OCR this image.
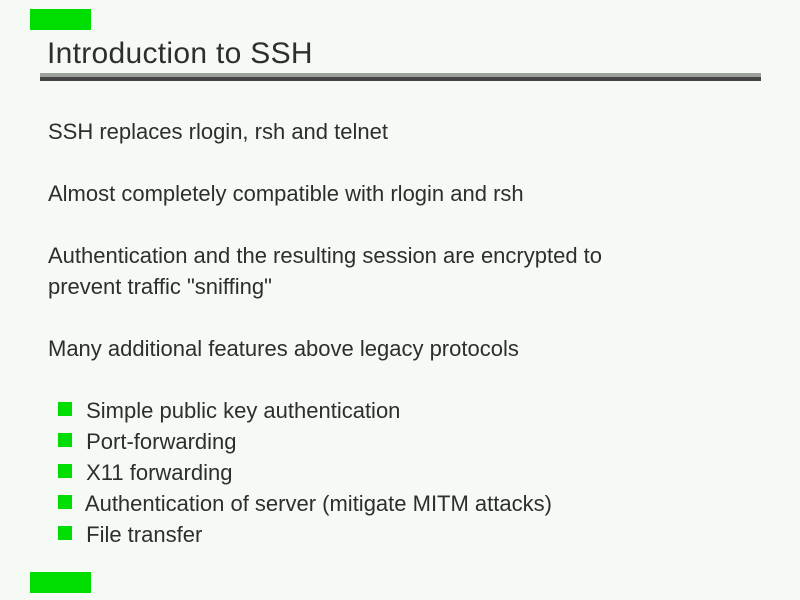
Introduction to SSH

SSH replaces rlogin, rsh and telnet

Almost completely compatible with rlogin and rsh

Authentication and the resulting session are encrypted to
prevent traffic "sniffing"

Many additional features above legacy protocols

Simple public key authentication
Port-forwarding
X11 forwarding
Authentication of server (mitigate MITM attacks)
File transfer
